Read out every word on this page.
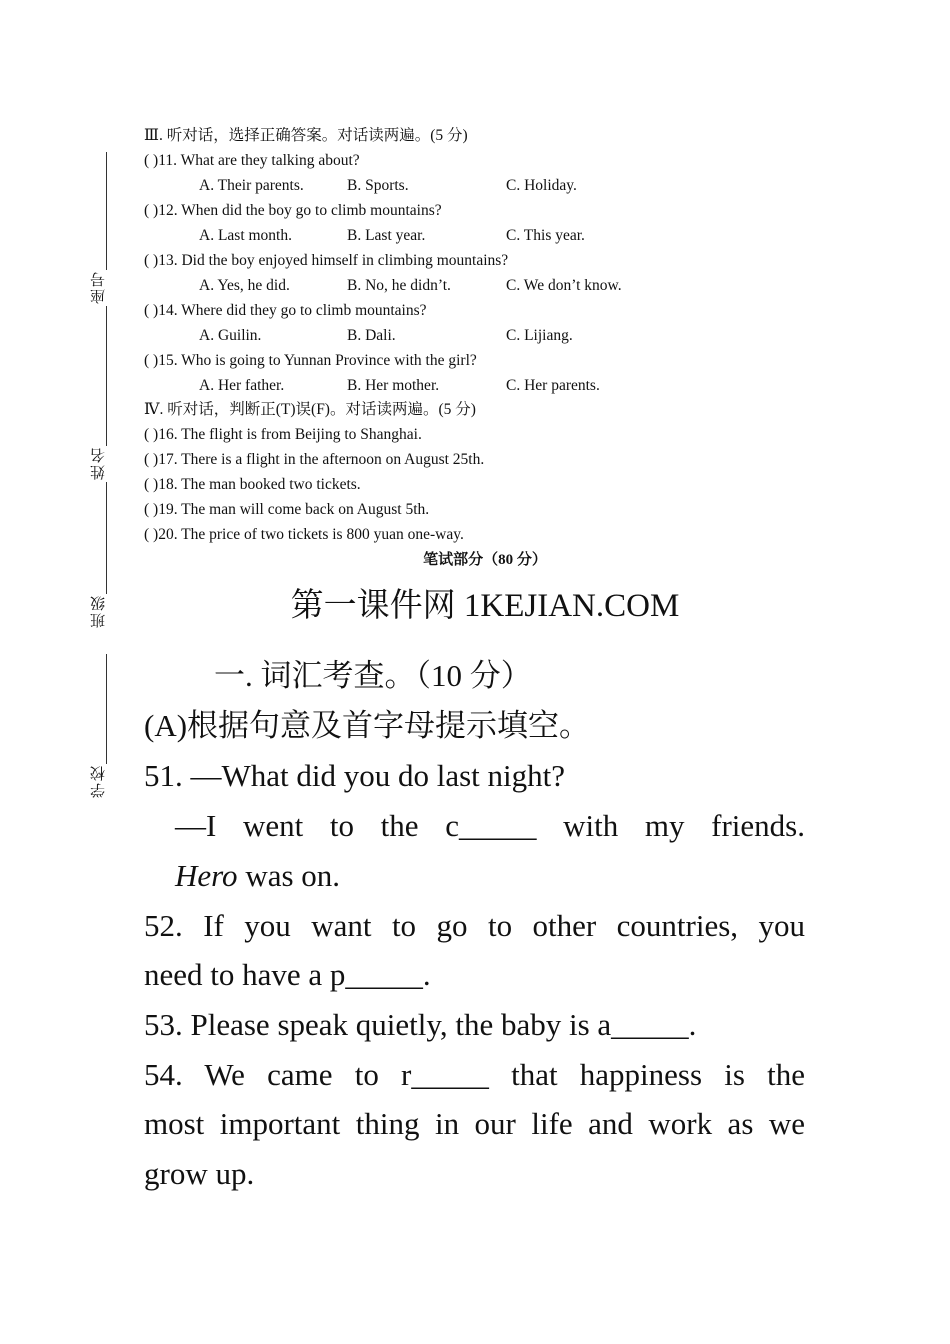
座号
姓名
班级
学校
Ⅲ. 听对话，选择正确答案。对话读两遍。(5 分)
( )11. What are they talking about?
A. Their parents.	B. Sports.	C. Holiday.
( )12. When did the boy go to climb mountains?
A. Last month.	B. Last year.	C. This year.
( )13. Did the boy enjoyed himself in climbing mountains?
A. Yes, he did.	B. No, he didn’t.	C. We don’t know.
( )14. Where did they go to climb mountains?
A. Guilin.	B. Dali.	C. Lijiang.
( )15. Who is going to Yunnan Province with the girl?
A. Her father.	B. Her mother.	C. Her parents.
Ⅳ. 听对话，判断正(T)误(F)。对话读两遍。(5 分)
( )16. The flight is from Beijing to Shanghai.
( )17. There is a flight in the afternoon on August 25th.
( )18. The man booked two tickets.
( )19. The man will come back on August 5th.
( )20. The price of two tickets is 800 yuan one-way.
笔试部分（80 分）
第一课件网 1KEJIAN.COM
一. 词汇考查。（10 分）
(A)根据句意及首字母提示填空。
51. —What did you do last night?
—I went to the c_____ with my friends.
Hero was on.
52. If you want to go to other countries, you
need to have a p_____.
53. Please speak quietly, the baby is a_____.
54. We came to r_____ that happiness is the
most important thing in our life and work as we
grow up.
